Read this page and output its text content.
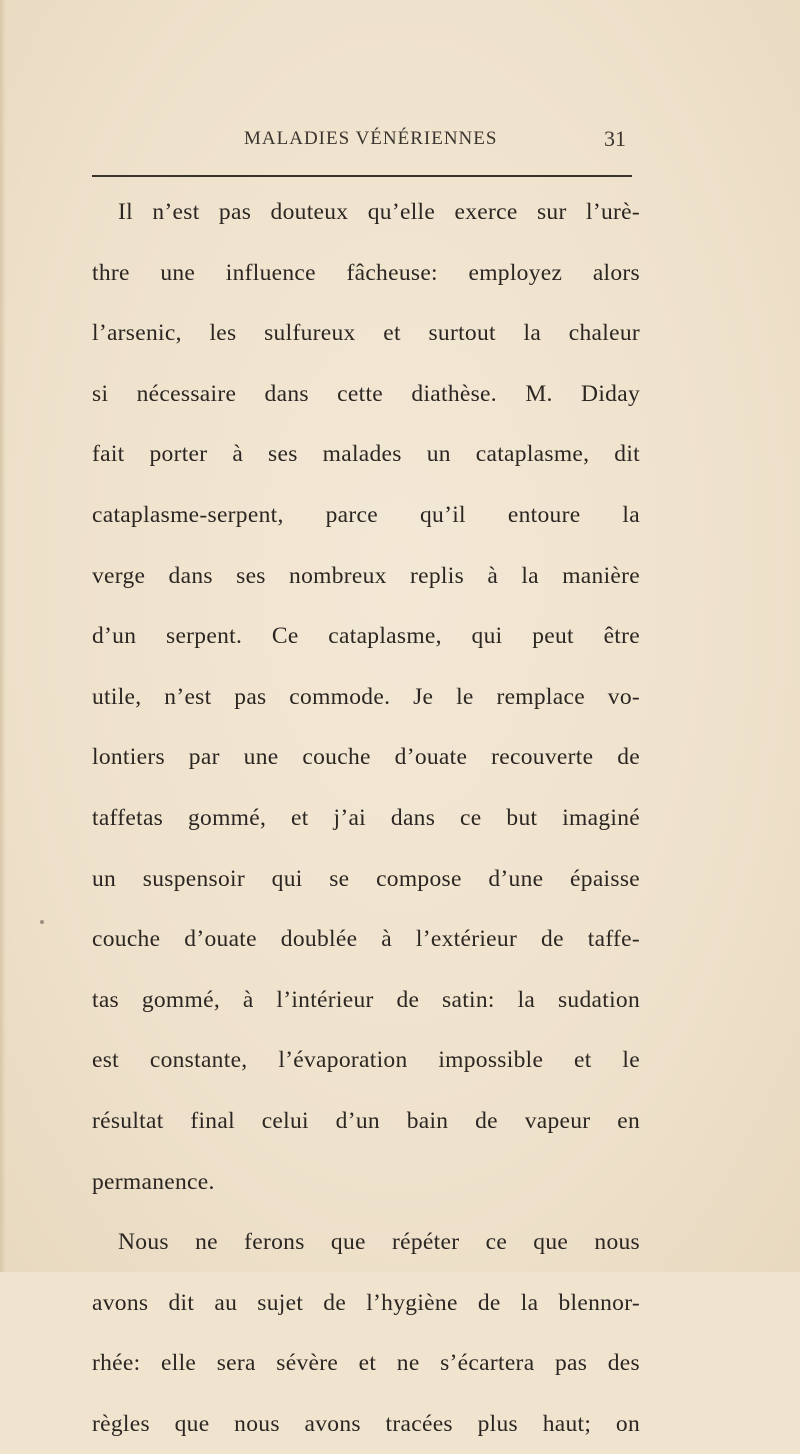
MALADIES VÉNÉRIENNES	31
Il n’est pas douteux qu’elle exerce sur l’urè-
thre une influence fâcheuse: employez alors
l’arsenic, les sulfureux et surtout la chaleur
si nécessaire dans cette diathèse. M. Diday
fait porter à ses malades un cataplasme, dit
cataplasme-serpent, parce qu’il entoure la
verge dans ses nombreux replis à la manière
d’un serpent. Ce cataplasme, qui peut être
utile, n’est pas commode. Je le remplace vo-
lontiers par une couche d’ouate recouverte de
taffetas gommé, et j’ai dans ce but imaginé
un suspensoir qui se compose d’une épaisse
couche d’ouate doublée à l’extérieur de taffe-
tas gommé, à l’intérieur de satin: la sudation
est constante, l’évaporation impossible et le
résultat final celui d’un bain de vapeur en
permanence.
Nous ne ferons que répéter ce que nous
avons dit au sujet de l’hygiène de la blennor-
rhée: elle sera sévère et ne s’écartera pas des
règles que nous avons tracées plus haut; on
